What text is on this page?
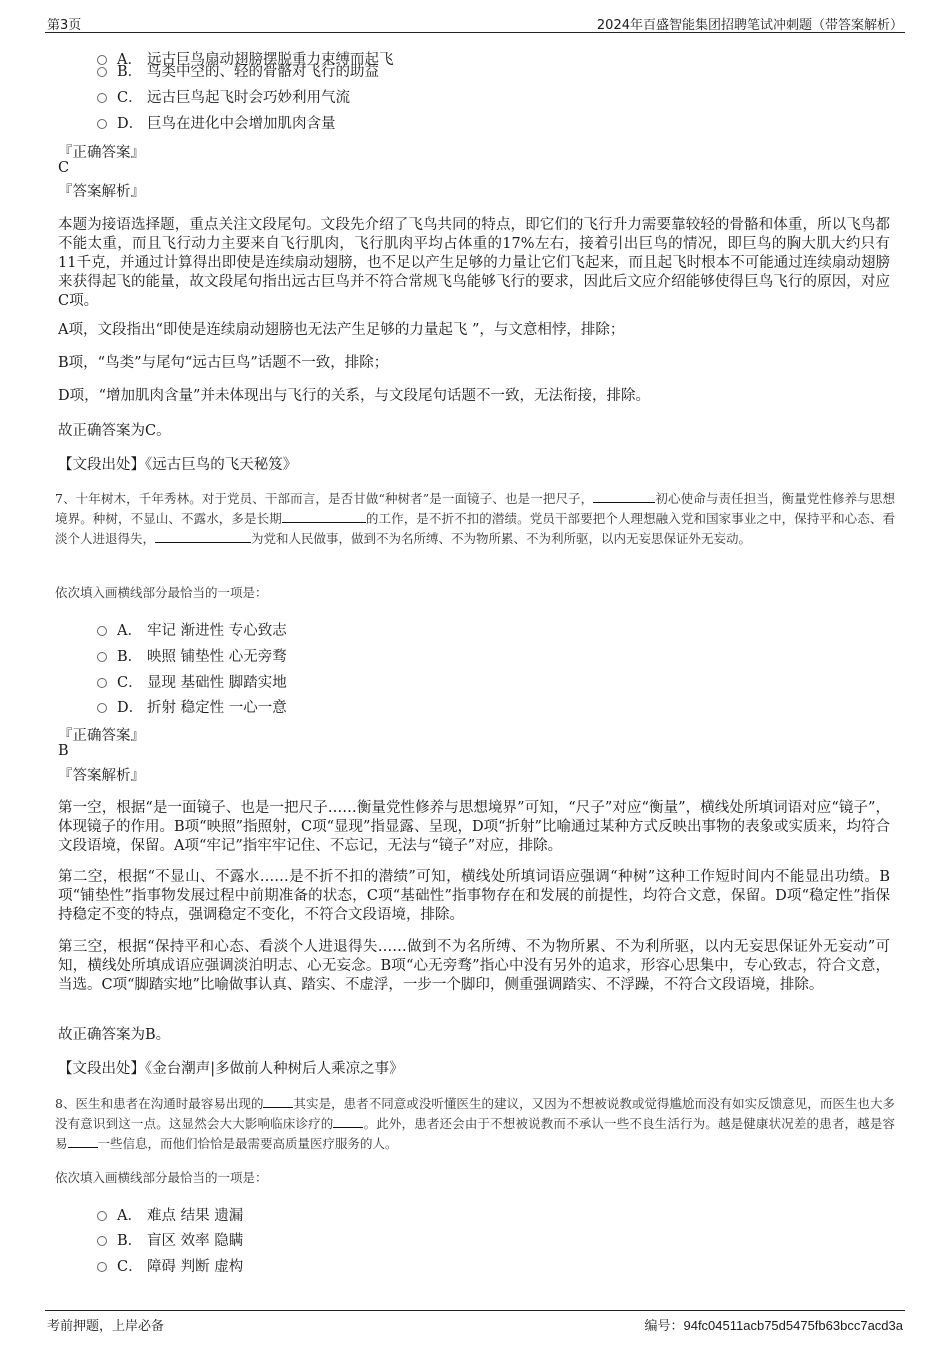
第3页	2024年百盛智能集团招聘笔试冲刺题（带答案解析）
A． 远古巨鸟扇动翅膀摆脱重力束缚而起飞
B． 鸟类中空的、轻的骨骼对飞行的助益
C． 远古巨鸟起飞时会巧妙利用气流
D． 巨鸟在进化中会增加肌肉含量
『正确答案』
C
『答案解析』
本题为接语选择题，重点关注文段尾句。文段先介绍了飞鸟共同的特点，即它们的飞行升力需要靠较轻的骨骼和体重，所以飞鸟都不能太重，而且飞行动力主要来自飞行肌肉，飞行肌肉平均占体重的17%左右，接着引出巨鸟的情况，即巨鸟的胸大肌大约只有11千克，并通过计算得出即使是连续扇动翅膀，也不足以产生足够的力量让它们飞起来，而且起飞时根本不可能通过连续扇动翅膀来获得起飞的能量，故文段尾句指出远古巨鸟并不符合常规飞鸟能够飞行的要求，因此后文应介绍能够使得巨鸟飞行的原因，对应C项。
A项，文段指出“即使是连续扇动翅膀也无法产生足够的力量起飞 ”，与文意相悖，排除；
B项，“鸟类”与尾句“远古巨鸟”话题不一致，排除；
D项，“增加肌肉含量”并未体现出与飞行的关系，与文段尾句话题不一致，无法衔接，排除。
故正确答案为C。
【文段出处】《远古巨鸟的飞天秘笈》
7、十年树木，千年秀林。对于党员、干部而言，是否甘做“种树者”是一面镜子、也是一把尺子，	初心使命与责任担当，衡量党性修养与思想境界。种树，不显山、不露水，多是长期	的工作，是不折不扣的潜绩。党员干部要把个人理想融入党和国家事业之中，保持平和心态、看淡个人进退得失，	为党和人民做事，做到不为名所缚、不为物所累、不为利所驱，以内无妄思保证外无妄动。
依次填入画横线部分最恰当的一项是：
A． 牢记 渐进性 专心致志
B． 映照 铺垫性 心无旁骛
C． 显现 基础性 脚踏实地
D． 折射 稳定性 一心一意
『正确答案』
B
『答案解析』
第一空，根据“是一面镜子、也是一把尺子……衡量党性修养与思想境界”可知，“尺子”对应“衡量”，横线处所填词语对应“镜子”，体现镜子的作用。B项“映照”指照射，C项“显现”指显露、呈现，D项“折射”比喻通过某种方式反映出事物的表象或实质来，均符合文段语境，保留。A项“牢记”指牢牢记住、不忘记，无法与“镜子”对应，排除。
第二空，根据“不显山、不露水……是不折不扣的潜绩”可知，横线处所填词语应强调“种树”这种工作短时间内不能显出功绩。B项“铺垫性”指事物发展过程中前期准备的状态，C项“基础性”指事物存在和发展的前提性，均符合文意，保留。D项“稳定性”指保持稳定不变的特点，强调稳定不变化，不符合文段语境，排除。
第三空，根据“保持平和心态、看淡个人进退得失……做到不为名所缚、不为物所累、不为利所驱，以内无妄思保证外无妄动”可知，横线处所填成语应强调淡泊明志、心无妄念。B项“心无旁骛”指心中没有另外的追求，形容心思集中，专心致志，符合文意，当选。C项“脚踏实地”比喻做事认真、踏实、不虚浮，一步一个脚印，侧重强调踏实、不浮躁，不符合文段语境，排除。
故正确答案为B。
【文段出处】《金台潮声|多做前人种树后人乘凉之事》
8、医生和患者在沟通时最容易出现的 其实是，患者不同意或没听懂医生的建议，又因为不想被说教或觉得尴尬而没有如实反馈意见，而医生也大多没有意识到这一点。这显然会大大影响临床诊疗的 。此外，患者还会由于不想被说教而不承认一些不良生活行为。越是健康状况差的患者，越是容易 一些信息，而他们恰恰是最需要高质量医疗服务的人。
依次填入画横线部分最恰当的一项是：
A． 难点 结果 遗漏
B． 盲区 效率 隐瞒
C． 障碍 判断 虚构
考前押题，上岸必备	编号：94fc04511acb75d5475fb63bcc7acd3a
